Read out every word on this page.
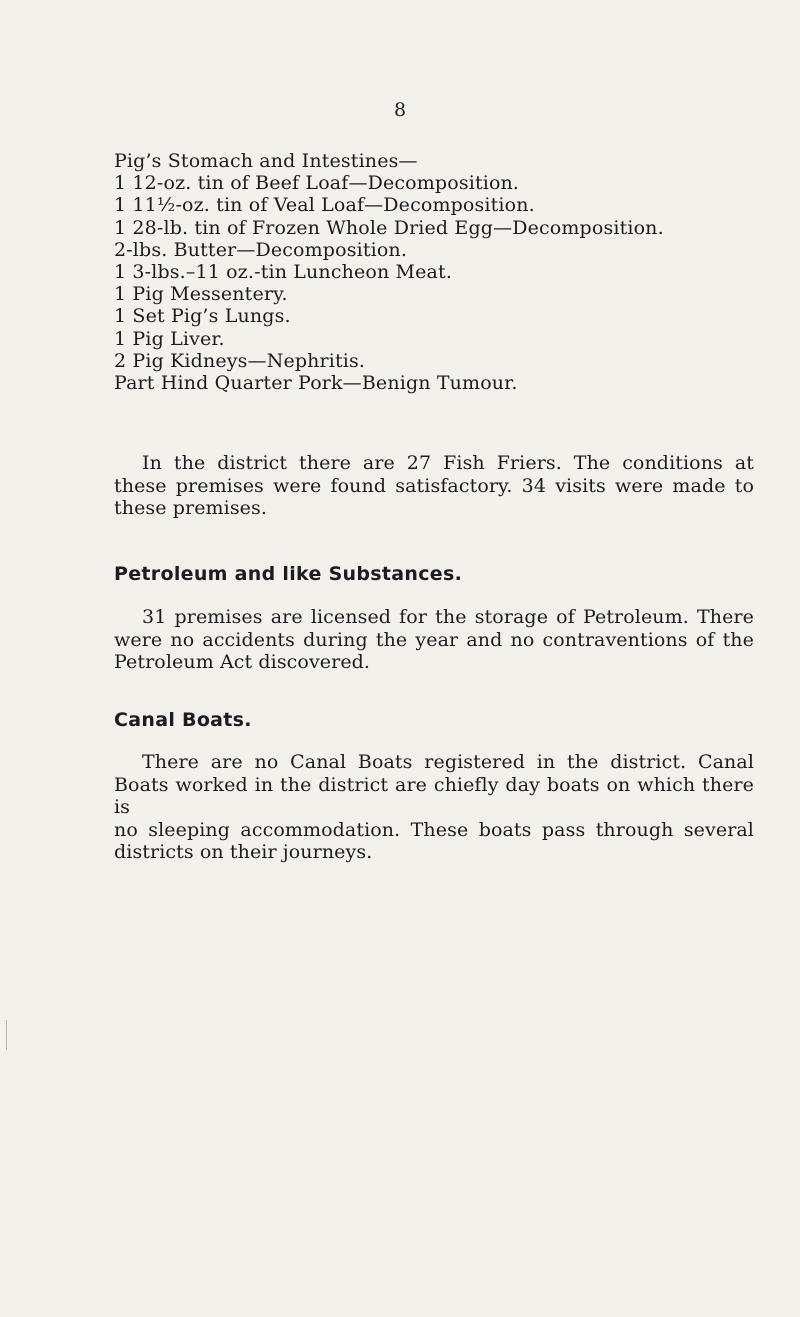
8
Pig’s Stomach and Intestines—
1 12-oz. tin of Beef Loaf—Decomposition.
1 11½-oz. tin of Veal Loaf—Decomposition.
1 28-lb. tin of Frozen Whole Dried Egg—Decomposition.
2-lbs. Butter—Decomposition.
1 3-lbs.–11 oz.-tin Luncheon Meat.
1 Pig Messentery.
1 Set Pig’s Lungs.
1 Pig Liver.
2 Pig Kidneys—Nephritis.
Part Hind Quarter Pork—Benign Tumour.

In the district there are 27 Fish Friers. The conditions at
these premises were found satisfactory. 34 visits were made to
these premises.

Petroleum and like Substances.

31 premises are licensed for the storage of Petroleum. There
were no accidents during the year and no contraventions of the
Petroleum Act discovered.

Canal Boats.

There are no Canal Boats registered in the district. Canal
Boats worked in the district are chiefly day boats on which there is
no sleeping accommodation. These boats pass through several
districts on their journeys.
